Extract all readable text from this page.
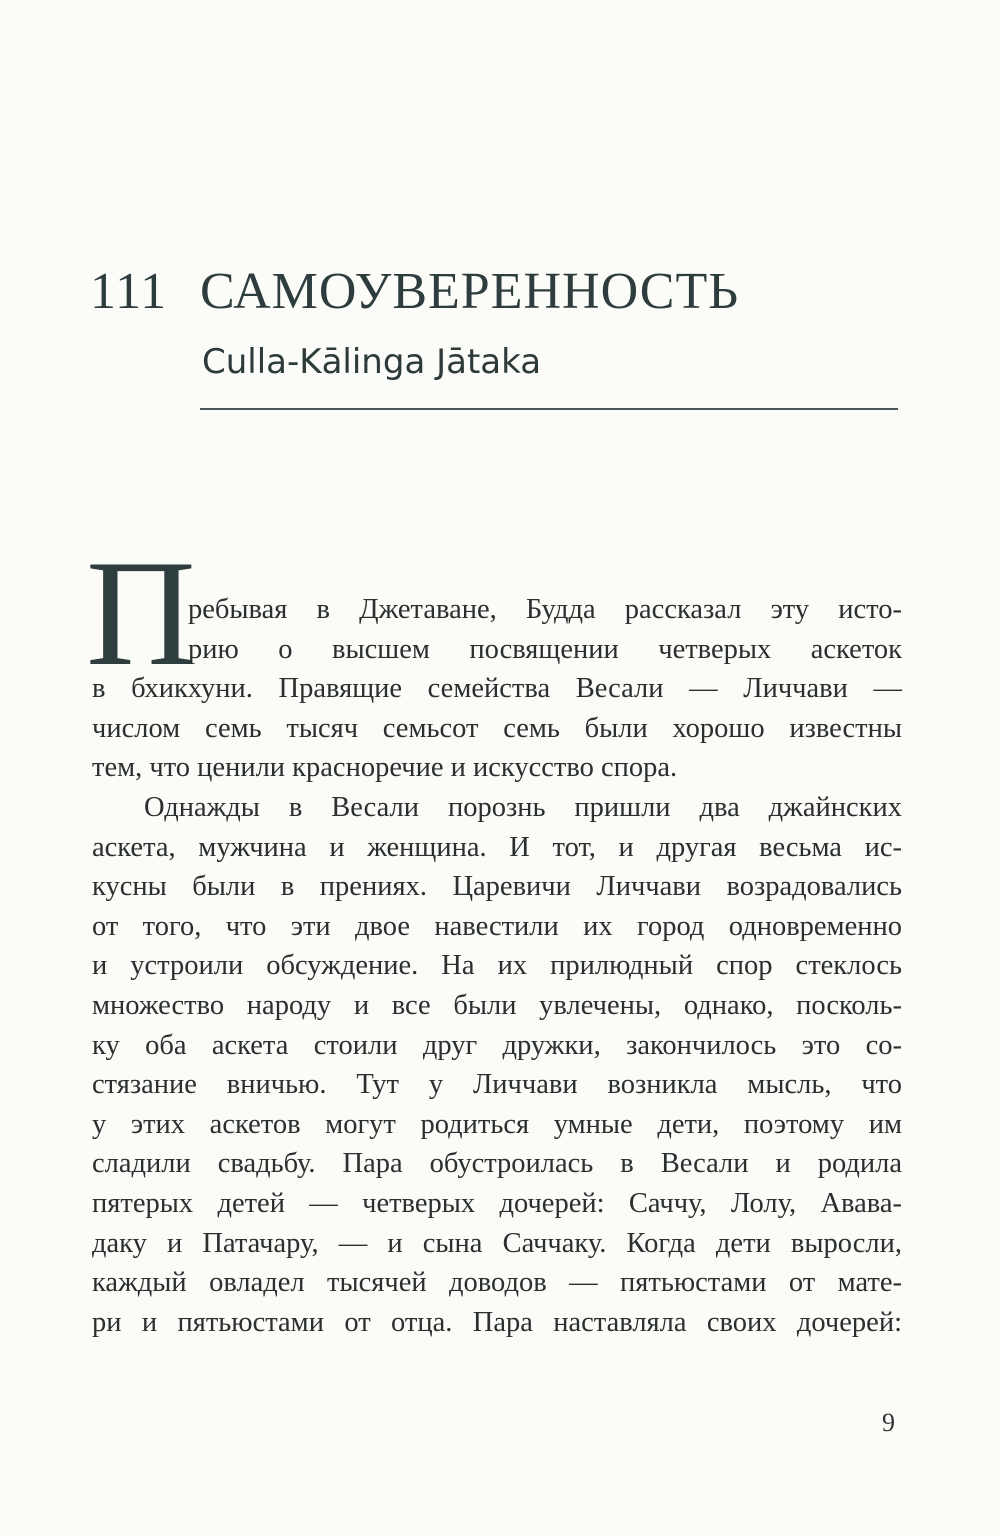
111 САМОУВЕРЕННОСТЬ
Culla-Kālinga Jātaka
П
ребывая в Джетаване, Будда рассказал эту исто-
рию о высшем посвящении четверых аскеток
в бхикхуни. Правящие семейства Весали — Личчави —
числом семь тысяч семьсот семь были хорошо известны
тем, что ценили красноречие и искусство спора.
Однажды в Весали порознь пришли два джайнских
аскета, мужчина и женщина. И тот, и другая весьма ис-
кусны были в прениях. Царевичи Личчави возрадовались
от того, что эти двое навестили их город одновременно
и устроили обсуждение. На их прилюдный спор стеклось
множество народу и все были увлечены, однако, посколь-
ку оба аскета стоили друг дружки, закончилось это со-
стязание вничью. Тут у Личчави возникла мысль, что
у этих аскетов могут родиться умные дети, поэтому им
сладили свадьбу. Пара обустроилась в Весали и родила
пятерых детей — четверых дочерей: Саччу, Лолу, Авава-
даку и Патачару, — и сына Саччаку. Когда дети выросли,
каждый овладел тысячей доводов — пятьюстами от мате-
ри и пятьюстами от отца. Пара наставляла своих дочерей:
9
